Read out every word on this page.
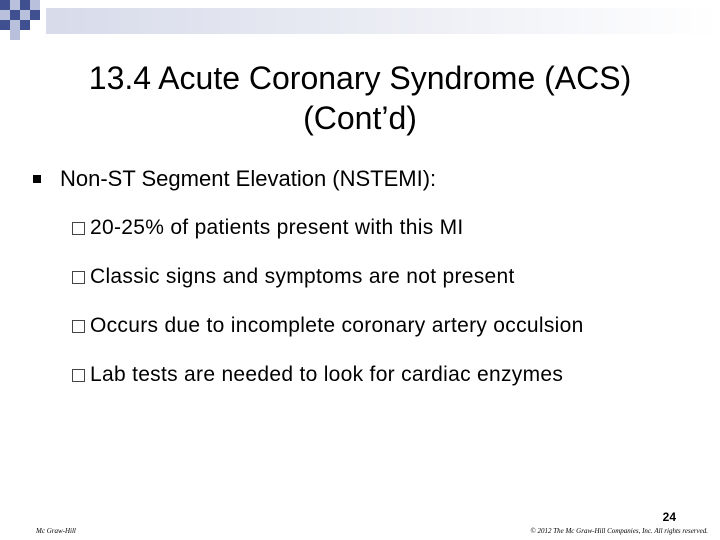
13.4 Acute Coronary Syndrome (ACS)
(Cont’d)
Non-ST Segment Elevation (NSTEMI):
20-25% of patients present with this MI
Classic signs and symptoms are not present
Occurs due to incomplete coronary artery occulsion
Lab tests are needed to look for cardiac enzymes
24
Mc Graw-Hill	© 2012 The Mc Graw-Hill Companies, Inc. All rights reserved.
